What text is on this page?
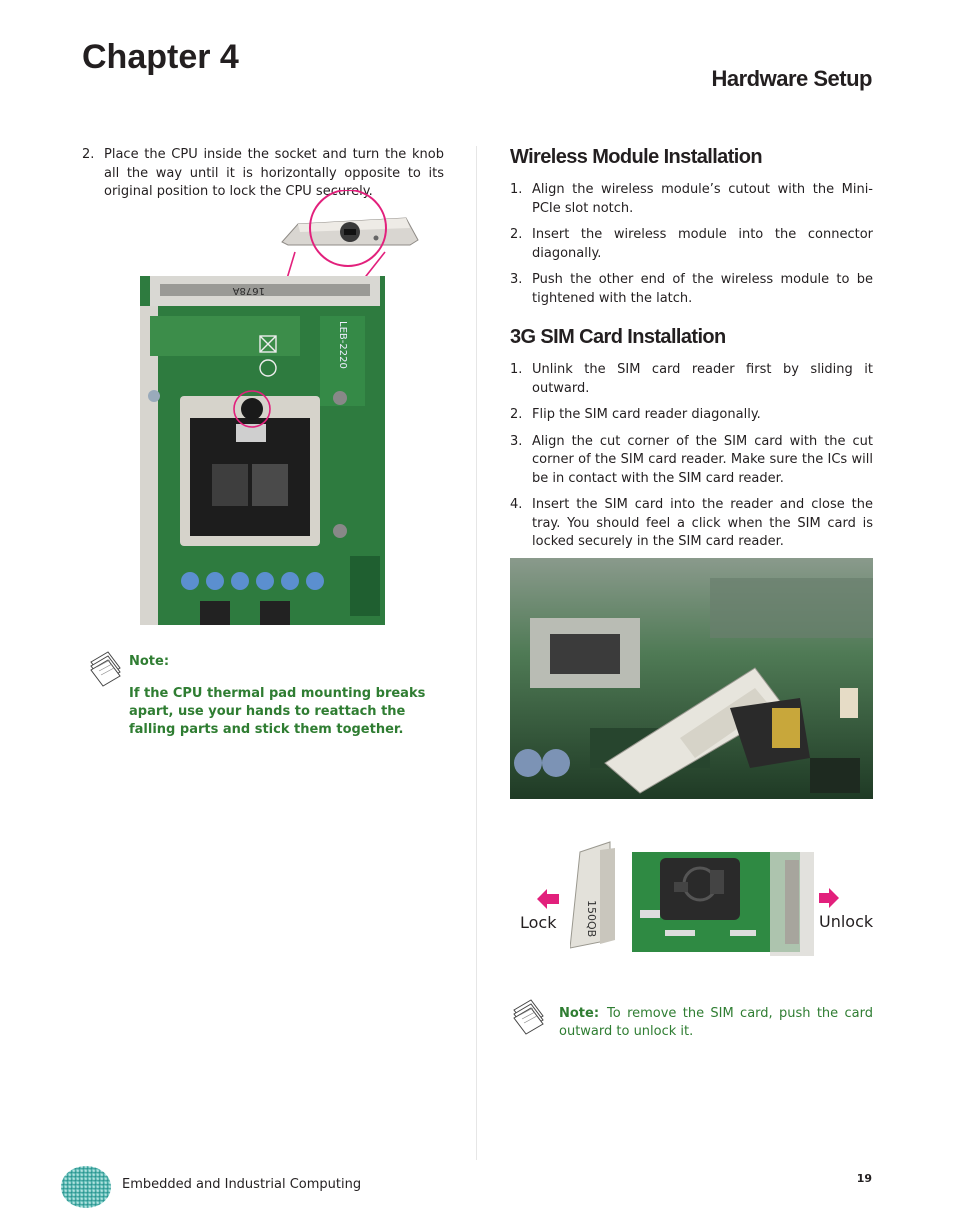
Chapter 4
Hardware Setup
2. Place the CPU inside the socket and turn the knob all the way until it is horizontally opposite to its original position to lock the CPU securely.
1678A
LEB-2220
Note:
If the CPU thermal pad mounting breaks apart, use your hands to reattach the falling parts and stick them together.
Wireless Module Installation
1. Align the wireless module’s cutout with the Mini-PCIe slot notch.
2. Insert the wireless module into the connector diagonally.
3. Push the other end of the wireless module to be tightened with the latch.
3G SIM Card Installation
1. Unlink the SIM card reader first by sliding it outward.
2. Flip the SIM card reader diagonally.
3. Align the cut corner of the SIM card with the cut corner of the SIM card reader. Make sure the ICs will be in contact with the SIM card reader.
4. Insert the SIM card into the reader and close the tray. You should feel a click when the SIM card is locked securely in the SIM card reader.
Lock	150QB	Unlock
Note: To remove the SIM card, push the card outward to unlock it.
Embedded and Industrial Computing	19
